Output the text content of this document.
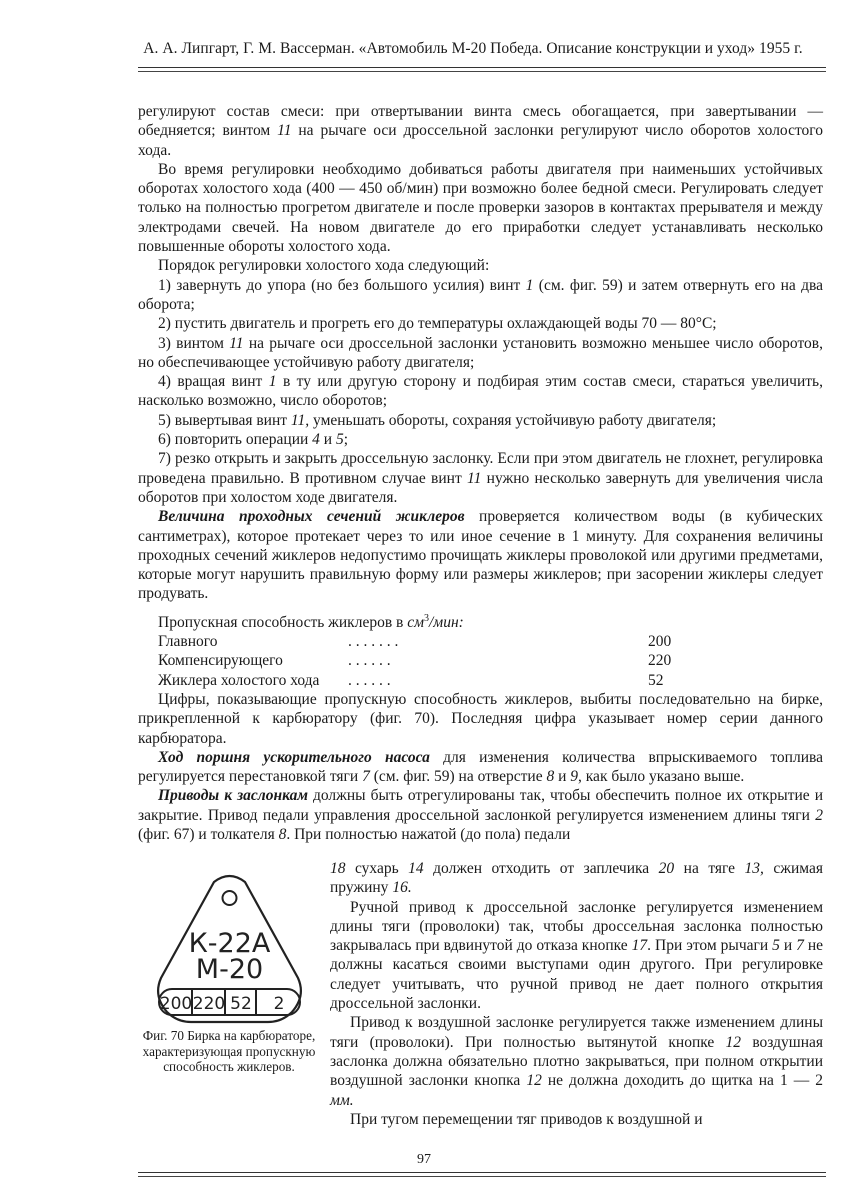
А. А. Липгарт, Г. М. Вассерман. «Автомобиль М-20 Победа. Описание конструкции и уход» 1955 г.

регулируют состав смеси: при отвертывании винта смесь обогащается, при завертывании — обедняется; винтом 11 на рычаге оси дроссельной заслонки регулируют число оборотов холостого хода.

Во время регулировки необходимо добиваться работы двигателя при наименьших устойчивых оборотах холостого хода (400 — 450 об/мин) при возможно более бедной смеси. Регулировать следует только на полностью прогретом двигателе и после проверки зазоров в контактах прерывателя и между электродами свечей. На новом двигателе до его приработки следует устанавливать несколько повышенные обороты холостого хода.

Порядок регулировки холостого хода следующий:

1) завернуть до упора (но без большого усилия) винт 1 (см. фиг. 59) и затем отвернуть его на два оборота;

2) пустить двигатель и прогреть его до температуры охлаждающей воды 70 — 80°С;

3) винтом 11 на рычаге оси дроссельной заслонки установить возможно меньшее число оборотов, но обеспечивающее устойчивую работу двигателя;

4) вращая винт 1 в ту или другую сторону и подбирая этим состав смеси, стараться увеличить, насколько возможно, число оборотов;

5) вывертывая винт 11, уменьшать обороты, сохраняя устойчивую работу двигателя;

6) повторить операции 4 и 5;

7) резко открыть и закрыть дроссельную заслонку. Если при этом двигатель не глохнет, регулировка проведена правильно. В противном случае винт 11 нужно несколько завернуть для увеличения числа оборотов при холостом ходе двигателя.

Величина проходных сечений жиклеров проверяется количеством воды (в кубических сантиметрах), которое протекает через то или иное сечение в 1 минуту. Для сохранения величины проходных сечений жиклеров недопустимо прочищать жиклеры проволокой или другими предметами, которые могут нарушить правильную форму или размеры жиклеров; при засорении жиклеры следует продувать.

Пропускная способность жиклеров в $см^3$/мин:
Главного	. . . . . . .	200
Компенсирующего	. . . . . .	220
Жиклера холостого хода	. . . . . .	52

Цифры, показывающие пропускную способность жиклеров, выбиты последовательно на бирке, прикрепленной к карбюратору (фиг. 70). Последняя цифра указывает номер серии данного карбюратора.

Ход поршня ускорительного насоса для изменения количества впрыскиваемого топлива регулируется перестановкой тяги 7 (см. фиг. 59) на отверстие 8 и 9, как было указано выше.

Приводы к заслонкам должны быть отрегулированы так, чтобы обеспечить полное их открытие и закрытие. Привод педали управления дроссельной заслонкой регулируется изменением длины тяги 2 (фиг. 67) и толкателя 8. При полностью нажатой (до пола) педали

К-22А
М-20
200 220 52 2
Фиг. 70 Бирка на карбюраторе, характеризующая пропускную способность жиклеров.

18 сухарь 14 должен отходить от заплечика 20 на тяге 13, сжимая пружину 16.

Ручной привод к дроссельной заслонке регулируется изменением длины тяги (проволоки) так, чтобы дроссельная заслонка полностью закрывалась при вдвинутой до отказа кнопке 17. При этом рычаги 5 и 7 не должны касаться своими выступами один другого. При регулировке следует учитывать, что ручной привод не дает полного открытия дроссельной заслонки.

Привод к воздушной заслонке регулируется также изменением длины тяги (проволоки). При полностью вытянутой кнопке 12 воздушная заслонка должна обязательно плотно закрываться, при полном открытии воздушной заслонки кнопка 12 не должна доходить до щитка на 1 — 2 мм.

При тугом перемещении тяг приводов к воздушной и

97
